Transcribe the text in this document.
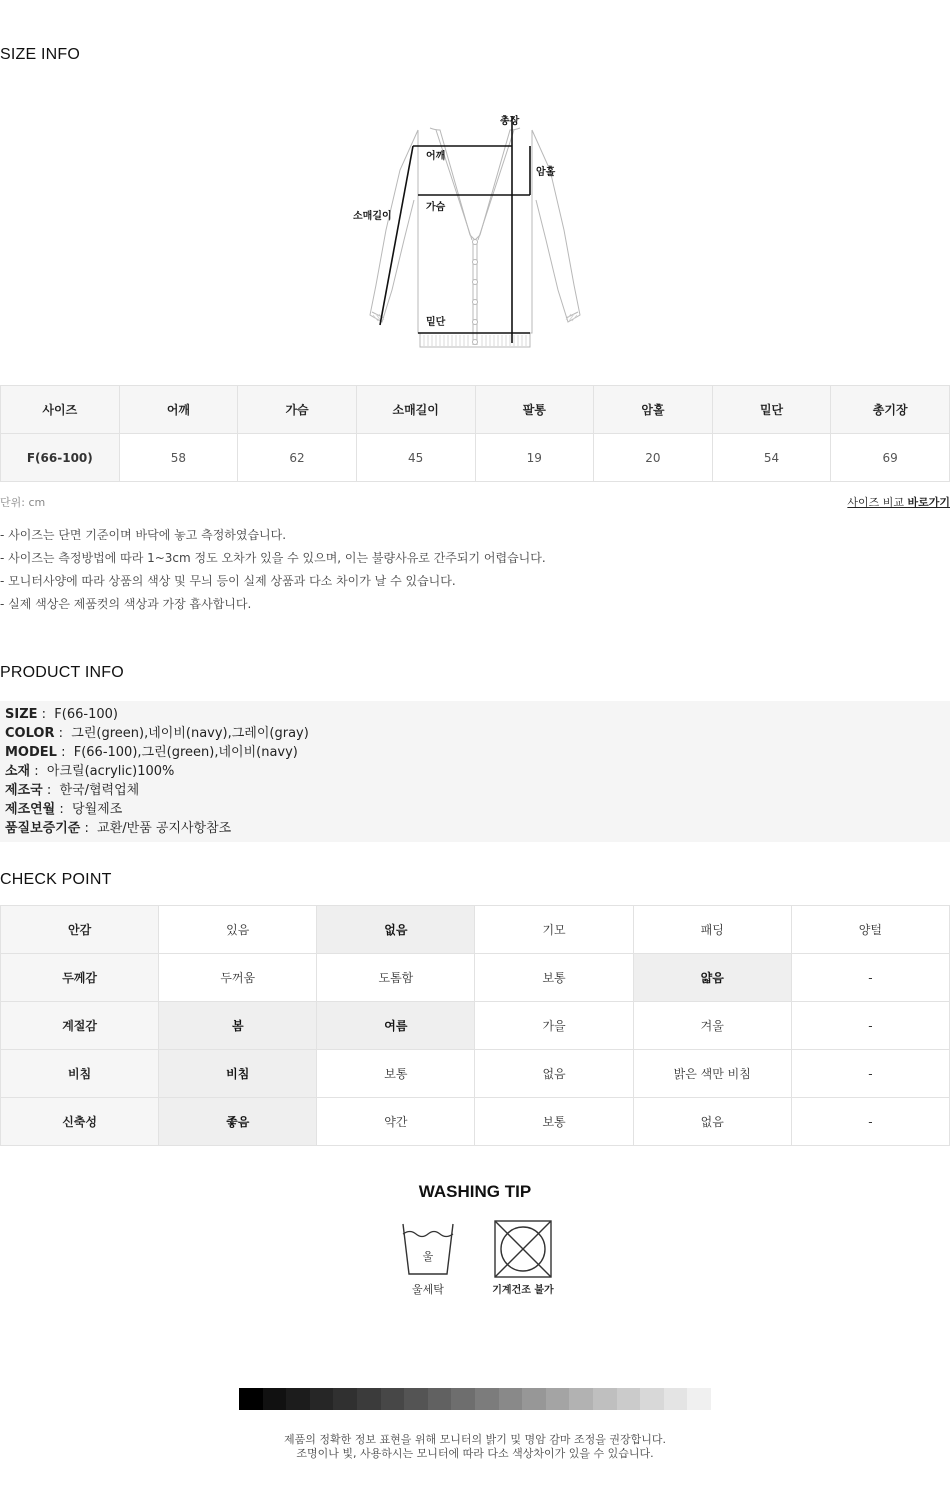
SIZE INFO
총장
어깨
암홀
소매길이
가슴
밑단
사이즈	어깨	가슴	소매길이	팔통	암홀	밑단	총기장
F(66-100)	58	62	45	19	20	54	69
단위: cm	사이즈 비교 바로가기
- 사이즈는 단면 기준이며 바닥에 놓고 측정하였습니다.
- 사이즈는 측정방법에 따라 1~3cm 정도 오차가 있을 수 있으며, 이는 불량사유로 간주되기 어렵습니다.
- 모니터사양에 따라 상품의 색상 및 무늬 등이 실제 상품과 다소 차이가 날 수 있습니다.
- 실제 색상은 제품컷의 색상과 가장 흡사합니다.
PRODUCT INFO
SIZE :  F(66-100)
COLOR :  그린(green),네이비(navy),그레이(gray)
MODEL :  F(66-100),그린(green),네이비(navy)
소재 :  아크릴(acrylic)100%
제조국 :  한국/협력업체
제조연월 :  당월제조
품질보증기준 :  교환/반품 공지사항참조
CHECK POINT
안감	있음	없음	기모	패딩	양털
두께감	두꺼움	도톰함	보통	얇음	-
계절감	봄	여름	가을	겨울	-
비침	비침	보통	없음	밝은 색만 비침	-
신축성	좋음	약간	보통	없음	-
WASHING TIP
울
울세탁	기계건조 불가
제품의 정확한 정보 표현을 위해 모니터의 밝기 및 명암 감마 조정을 권장합니다.
조명이나 빛, 사용하시는 모니터에 따라 다소 색상차이가 있을 수 있습니다.
